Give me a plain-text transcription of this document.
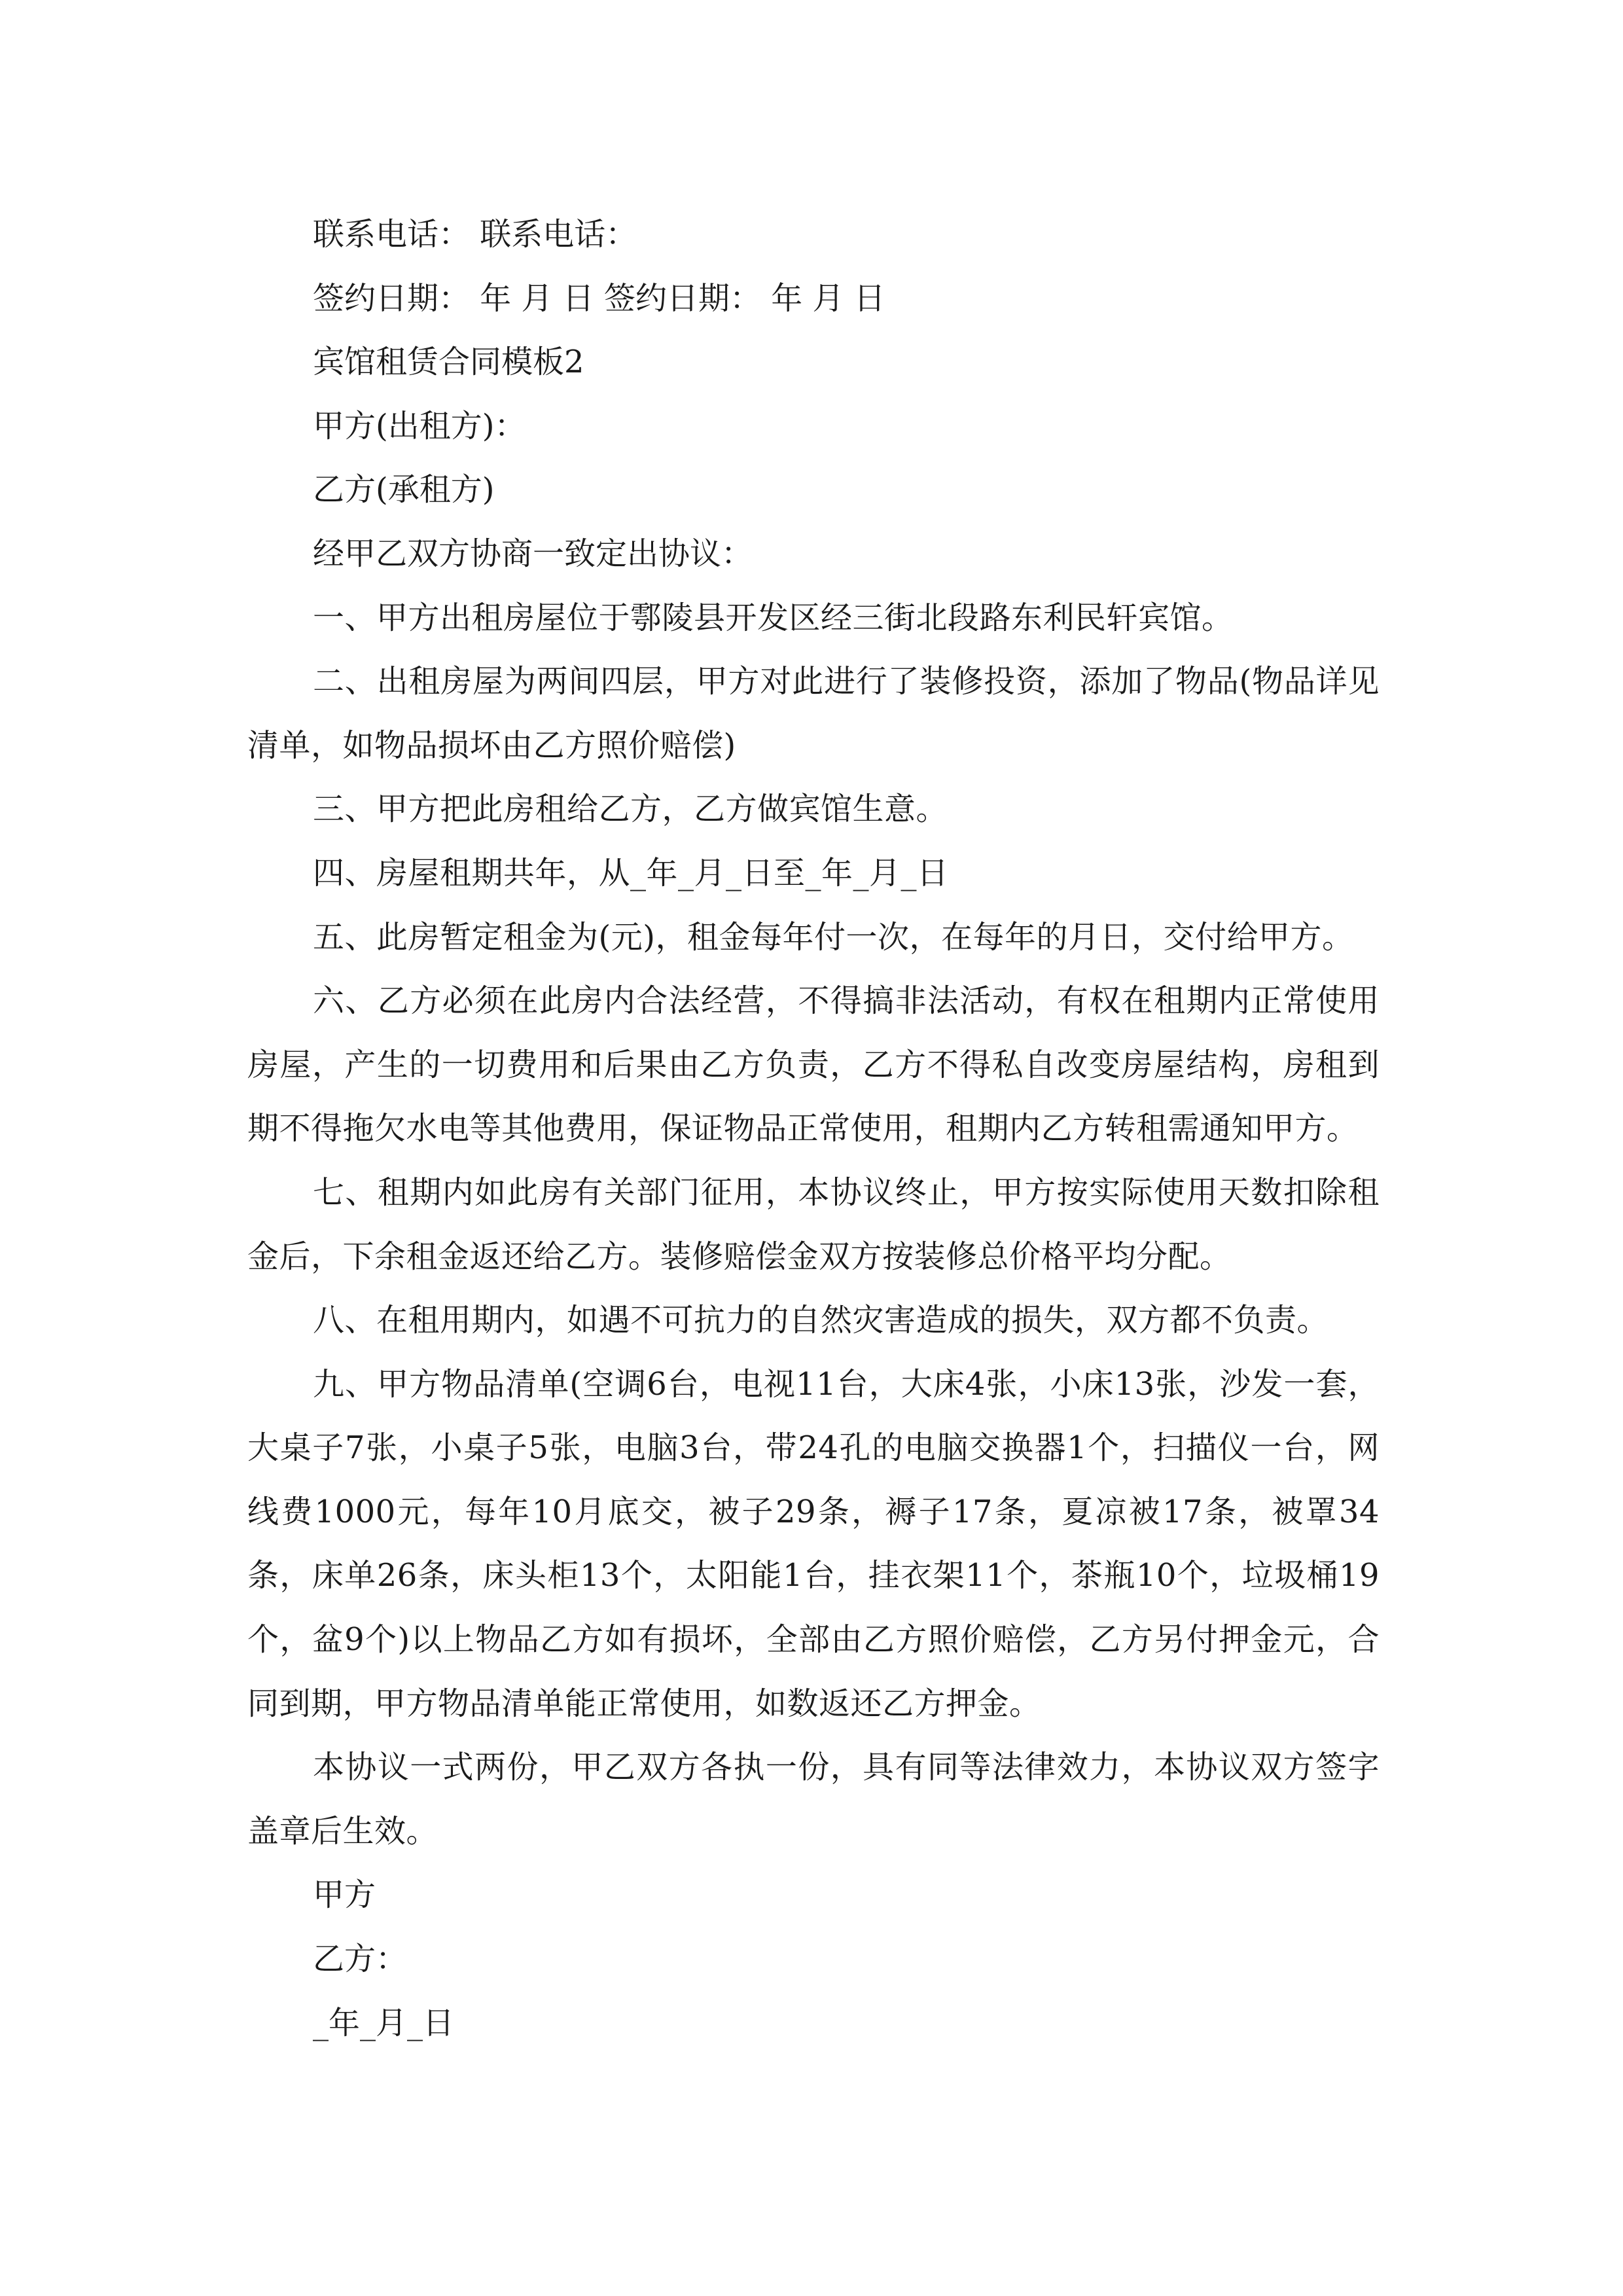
联系电话： 联系电话：

签约日期： 年 月 日 签约日期： 年 月 日

宾馆租赁合同模板2

甲方(出租方)：

乙方(承租方)

经甲乙双方协商一致定出协议：

一、甲方出租房屋位于鄠陵县开发区经三街北段路东利民轩宾馆。

二、出租房屋为两间四层，甲方对此进行了装修投资，添加了物品(物品详见清单，如物品损坏由乙方照价赔偿)

三、甲方把此房租给乙方，乙方做宾馆生意。

四、房屋租期共年，从_年_月_日至_年_月_日

五、此房暂定租金为(元)，租金每年付一次，在每年的月日，交付给甲方。

六、乙方必须在此房内合法经营，不得搞非法活动，有权在租期内正常使用房屋，产生的一切费用和后果由乙方负责，乙方不得私自改变房屋结构，房租到期不得拖欠水电等其他费用，保证物品正常使用，租期内乙方转租需通知甲方。

七、租期内如此房有关部门征用，本协议终止，甲方按实际使用天数扣除租金后，下余租金返还给乙方。装修赔偿金双方按装修总价格平均分配。

八、在租用期内，如遇不可抗力的自然灾害造成的损失，双方都不负责。

九、甲方物品清单(空调6台，电视11台，大床4张，小床13张，沙发一套，大桌子7张，小桌子5张，电脑3台，带24孔的电脑交换器1个，扫描仪一台，网线费1000元，每年10月底交，被子29条，褥子17条，夏凉被17条，被罩34条，床单26条，床头柜13个，太阳能1台，挂衣架11个，茶瓶10个，垃圾桶19个，盆9个)以上物品乙方如有损坏，全部由乙方照价赔偿，乙方另付押金元，合同到期，甲方物品清单能正常使用，如数返还乙方押金。

本协议一式两份，甲乙双方各执一份，具有同等法律效力，本协议双方签字盖章后生效。

甲方

乙方：

_年_月_日
